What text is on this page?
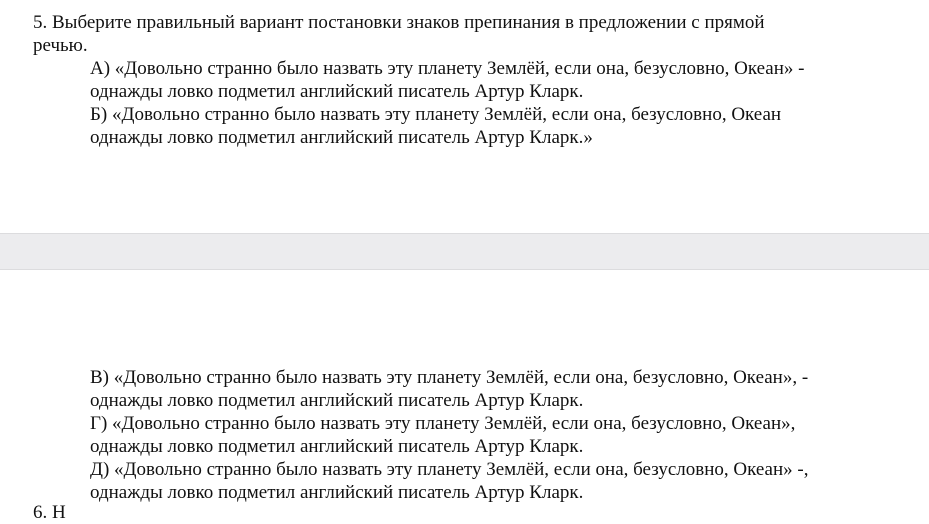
5. Выберите правильный вариант постановки знаков препинания в предложении с прямой
речью.

А) «Довольно странно было назвать эту планету Землёй, если она, безусловно, Океан» -
однажды ловко подметил английский писатель Артур Кларк.

Б) «Довольно странно было назвать эту планету Землёй, если она, безусловно, Океан
однажды ловко подметил английский писатель Артур Кларк.»

В) «Довольно странно было назвать эту планету Землёй, если она, безусловно, Океан», -
однажды ловко подметил английский писатель Артур Кларк.

Г) «Довольно странно было назвать эту планету Землёй, если она, безусловно, Океан»,
однажды ловко подметил английский писатель Артур Кларк.

Д) «Довольно странно было назвать эту планету Землёй, если она, безусловно, Океан» -,
однажды ловко подметил английский писатель Артур Кларк.

6. Н
